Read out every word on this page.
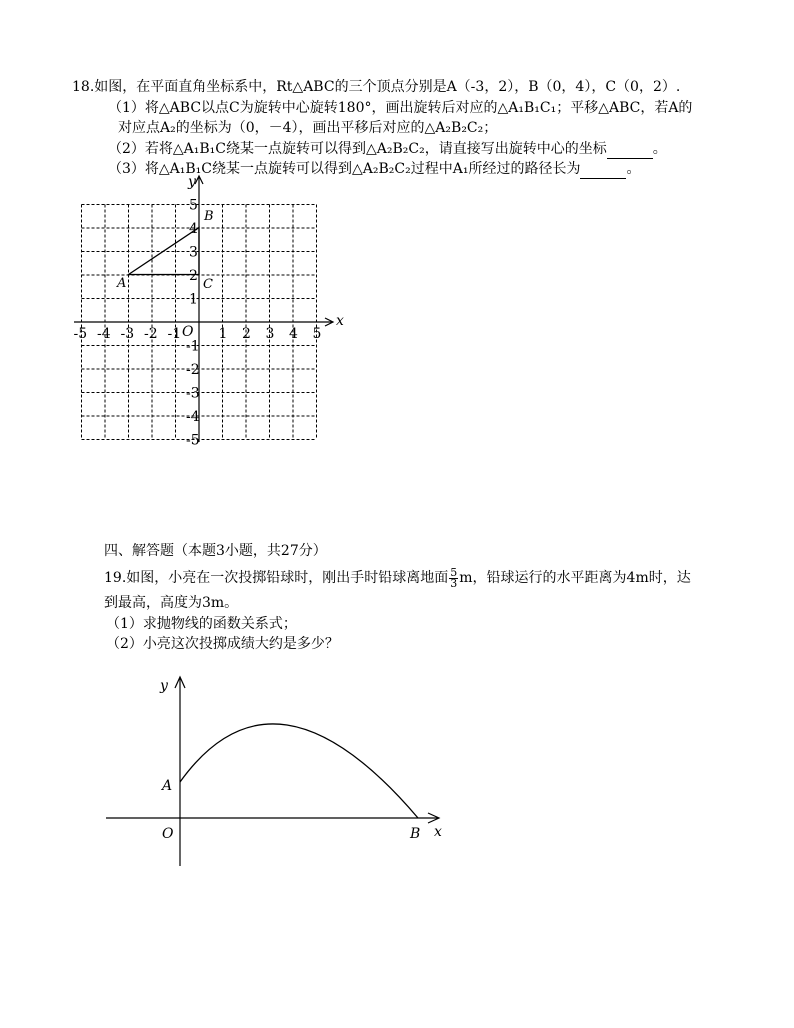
18.如图，在平面直角坐标系中，Rt△ABC的三个顶点分别是A（-3，2），B（0，4），C（0，2）.
（1）将△ABC以点C为旋转中心旋转180°，画出旋转后对应的△A₁B₁C₁；平移△ABC，若A的
对应点A₂的坐标为（0，－4），画出平移后对应的△A₂B₂C₂；
（2）若将△A₁B₁C绕某一点旋转可以得到△A₂B₂C₂，请直接写出旋转中心的坐标	。
（3）将△A₁B₁C绕某一点旋转可以得到△A₂B₂C₂过程中A₁所经过的路径长为	。
x
y
O
-5 -4 -3 -2 -1	1 2 3 4 5
5
4
3
2
1
-1
-2
-3
-4
-5
A
B
C
四、解答题（本题3小题，共27分）
19.如图，小亮在一次投掷铅球时，刚出手时铅球离地面 $\frac{5}{3}$ m，铅球运行的水平距离为4m时，达
到最高，高度为3m。
（1）求抛物线的函数关系式；
（2）小亮这次投掷成绩大约是多少？
y
x
O
A
B
